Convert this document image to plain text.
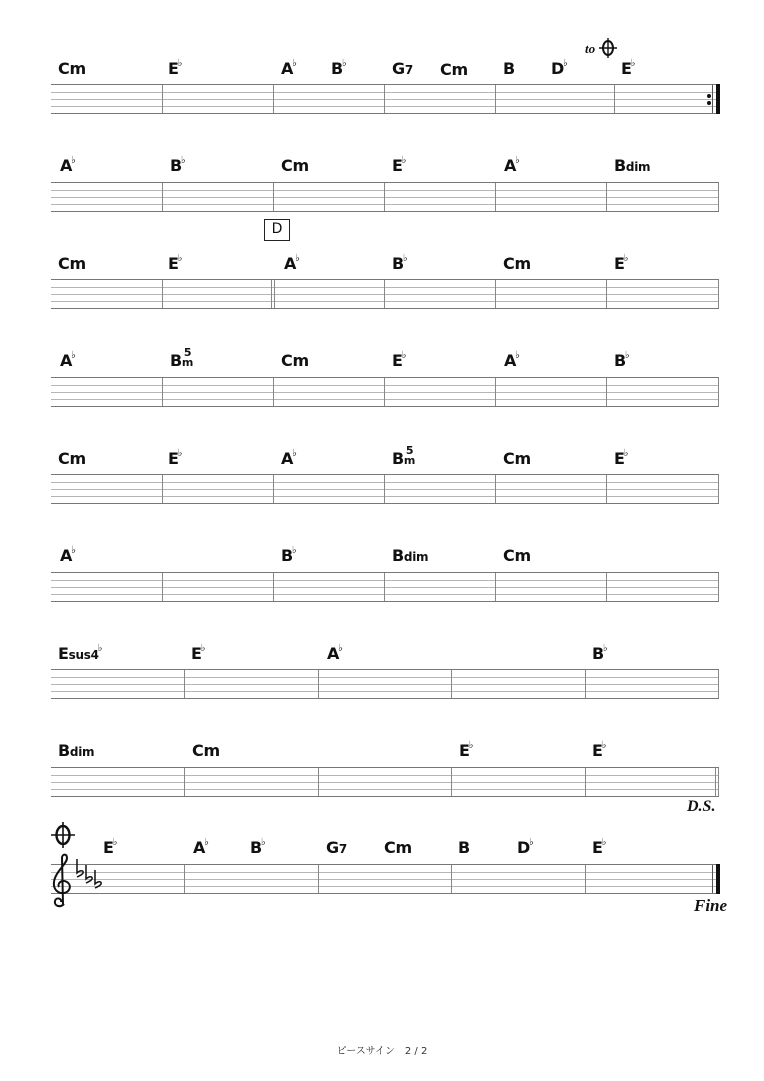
Cm	E♭	A♭ B♭	G7 Cm B D♭	E♭
A♭	B♭	Cm	E♭	A♭	Bdim
Cm	E♭	A♭	B♭	Cm	E♭
A♭	B 5
m	Cm	E♭	A♭	B♭
Cm	E♭	A♭	B 5
m	Cm	E♭
A♭	B♭	Bdim	Cm
Esus4♭	E♭	A♭	B♭
Bdim	Cm	E♭	E♭
E♭	A♭	B♭	G7 Cm	B	D♭	E♭
to
D
D.S.
Fine
ピースサイン　2 / 2
